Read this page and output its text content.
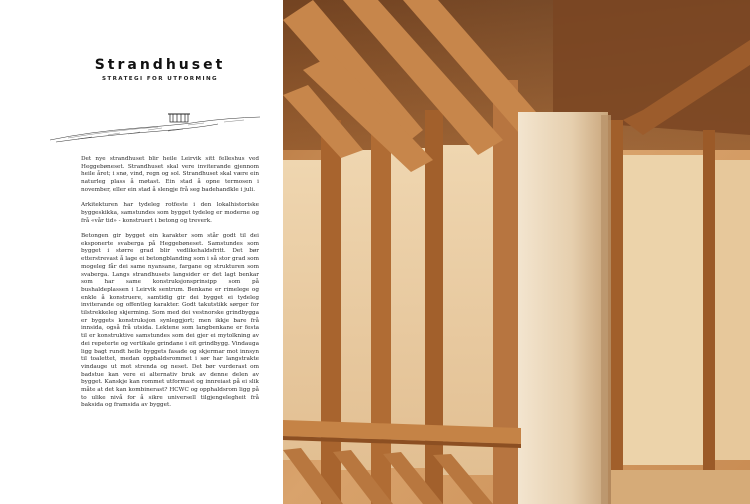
Strandhuset
STRATEGI FOR UTFORMING

Det nye strandhuset blir heile Leirvik sitt felleshus ved Heggebøneset. Strandhuset skal vere inviterande gjennom heile året; i snø, vind, regn og sol. Strandhuset skal være ein naturleg plass å møtast. Ein stad å opne termosen i november, eller ein stad å slengje frå seg badehandkle i juli.

Arkitekturen har tydeleg rotfeste i den lokalhistoriske byggeskikka, samstundes som bygget tydeleg er moderne og frå «vår tid» - konstruert i betong og treverk.

Betongen gir bygget ein karakter som står godt til dei eksponerte svaberga på Heggebøneset. Samstundes som bygget i større grad blir vedlikehaldsfritt. Det bør etterstrevast å lage ei betongblanding som i så stor grad som mogeleg får dei same nyansane, fargane og strukturen som svaberga. Langs strandhusets langsider er det lagt benkar som har same konstruksjonsprinsipp som på bushaldeplassen i Leirvik sentrum. Benkane er rimelege og enkle å konstruere, samtidig gir dei bygget ei tydeleg inviterande og offentleg karakter. Godt takutstikk sørger for tilstrekkeleg skjerming. Som med dei vestnorske grindbygga er byggets konstruksjon synleggjort; men ikkje bare frå innsida, også frå utsida. Lektene som langbenkane er festa til er konstruktive samstundes som dei gjer ei mytolkning av dei repeterte og vertikale grindane i eit grindbygg. Vindauga ligg bagt rundt heile byggets fasade og skjermar mot innsyn til toalettet, medan opphaldsrommet i sør har langstrakte vindauge ut mot strenda og neset. Det bør vurderast om badstue kan vere ei alternativ bruk av denne delen av bygget. Kanskje kan rommet utformast og innreiast på ei slik måte at det kan kombinerast? HCWC og opphaldsrom ligg på to ulike nivå for å sikre universell tilgjengelegheit frå baksida og framsida av bygget.
